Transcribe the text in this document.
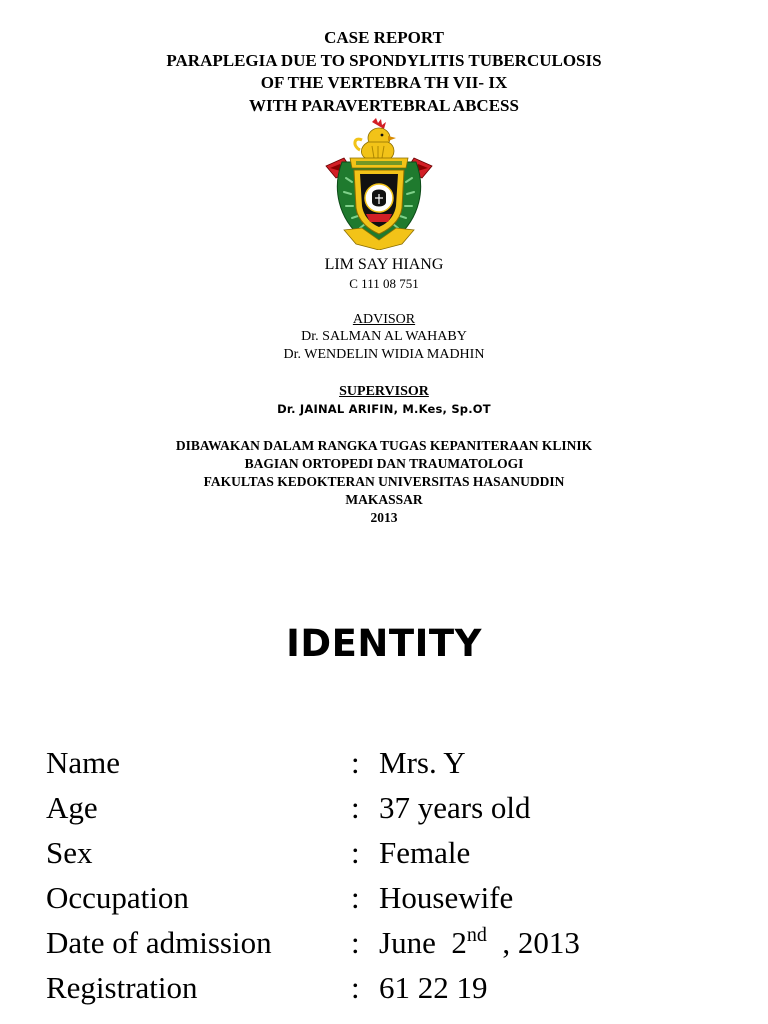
CASE REPORT
PARAPLEGIA DUE TO SPONDYLITIS TUBERCULOSIS
OF THE VERTEBRA TH VII- IX
WITH PARAVERTEBRAL ABCESS
LIM SAY HIANG
C 111 08 751
ADVISOR
Dr. SALMAN AL WAHABY
Dr. WENDELIN WIDIA MADHIN
SUPERVISOR
Dr. JAINAL ARIFIN, M.Kes, Sp.OT
DIBAWAKAN DALAM RANGKA TUGAS KEPANITERAAN KLINIK
BAGIAN ORTOPEDI DAN TRAUMATOLOGI
FAKULTAS KEDOKTERAN UNIVERSITAS HASANUDDIN
MAKASSAR
2013
IDENTITY
Name	: Mrs. Y
Age	: 37 years old
Sex	: Female
Occupation	: Housewife
Date of admission	: June  2nd  , 2013
Registration	: 61 22 19
